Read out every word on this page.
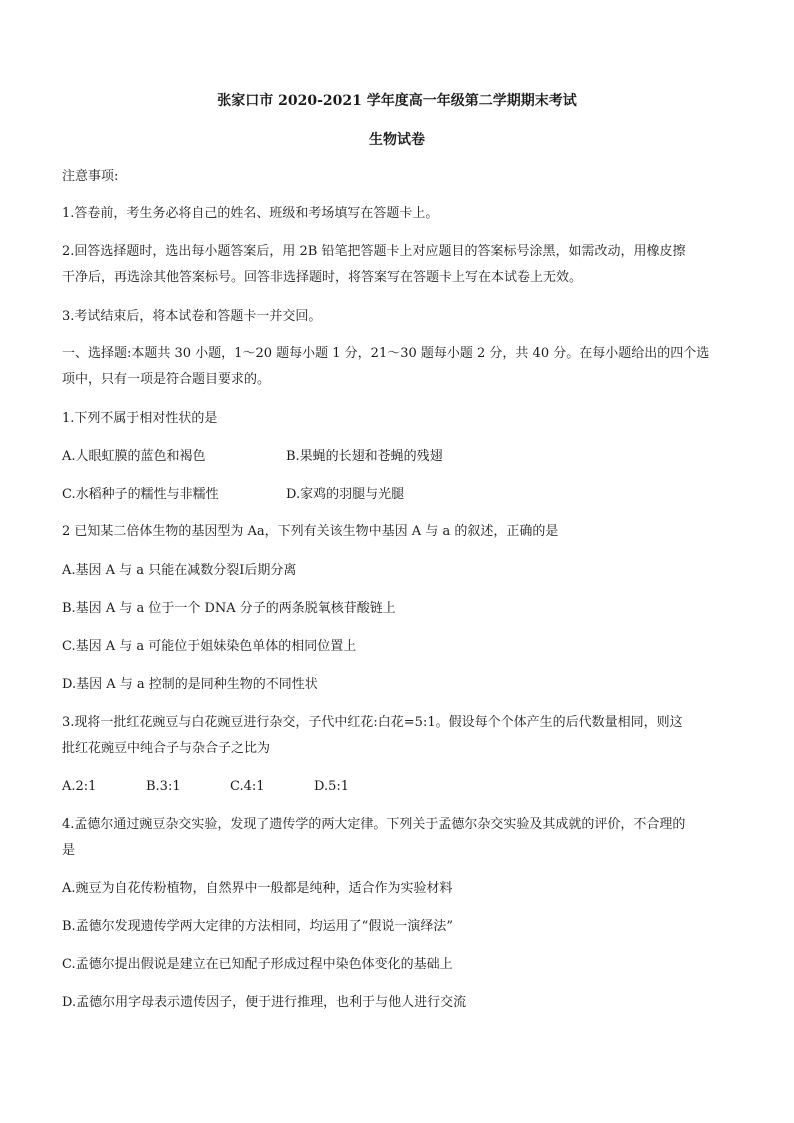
张家口市 2020-2021 学年度高一年级第二学期期末考试
生物试卷
注意事项:
1.答卷前，考生务必将自己的姓名、班级和考场填写在答题卡上。
2.回答选择题时，选出每小题答案后，用 2B 铅笔把答题卡上对应题目的答案标号涂黑，如需改动，用橡皮擦
干净后，再选涂其他答案标号。回答非选择题时，将答案写在答题卡上写在本试卷上无效。
3.考试结束后，将本试卷和答题卡一并交回。
一、选择题:本题共 30 小题，1～20 题每小题 1 分，21～30 题每小题 2 分，共 40 分。在每小题给出的四个选
项中，只有一项是符合题目要求的。
1.下列不属于相对性状的是
A.人眼虹膜的蓝色和褐色	B.果蝇的长翅和苍蝇的残翅
C.水稻种子的糯性与非糯性	D.家鸡的羽腿与光腿
2 已知某二倍体生物的基因型为 Aa，下列有关该生物中基因 A 与 a 的叙述，正确的是
A.基因 A 与 a 只能在减数分裂Ⅰ后期分离
B.基因 A 与 a 位于一个 DNA 分子的两条脱氧核苷酸链上
C.基因 A 与 a 可能位于姐妹染色单体的相同位置上
D.基因 A 与 a 控制的是同种生物的不同性状
3.现将一批红花豌豆与白花豌豆进行杂交，子代中红花:白花=5:1。假设每个个体产生的后代数量相同，则这
批红花豌豆中纯合子与杂合子之比为
A.2:1	B.3:1	C.4:1	D.5:1
4.孟德尔通过豌豆杂交实验，发现了遗传学的两大定律。下列关于孟德尔杂交实验及其成就的评价，不合理的
是
A.豌豆为自花传粉植物，自然界中一般都是纯种，适合作为实验材料
B.孟德尔发现遗传学两大定律的方法相同，均运用了“假说一演绎法”
C.孟德尔提出假说是建立在已知配子形成过程中染色体变化的基础上
D.孟德尔用字母表示遗传因子，便于进行推理，也利于与他人进行交流
